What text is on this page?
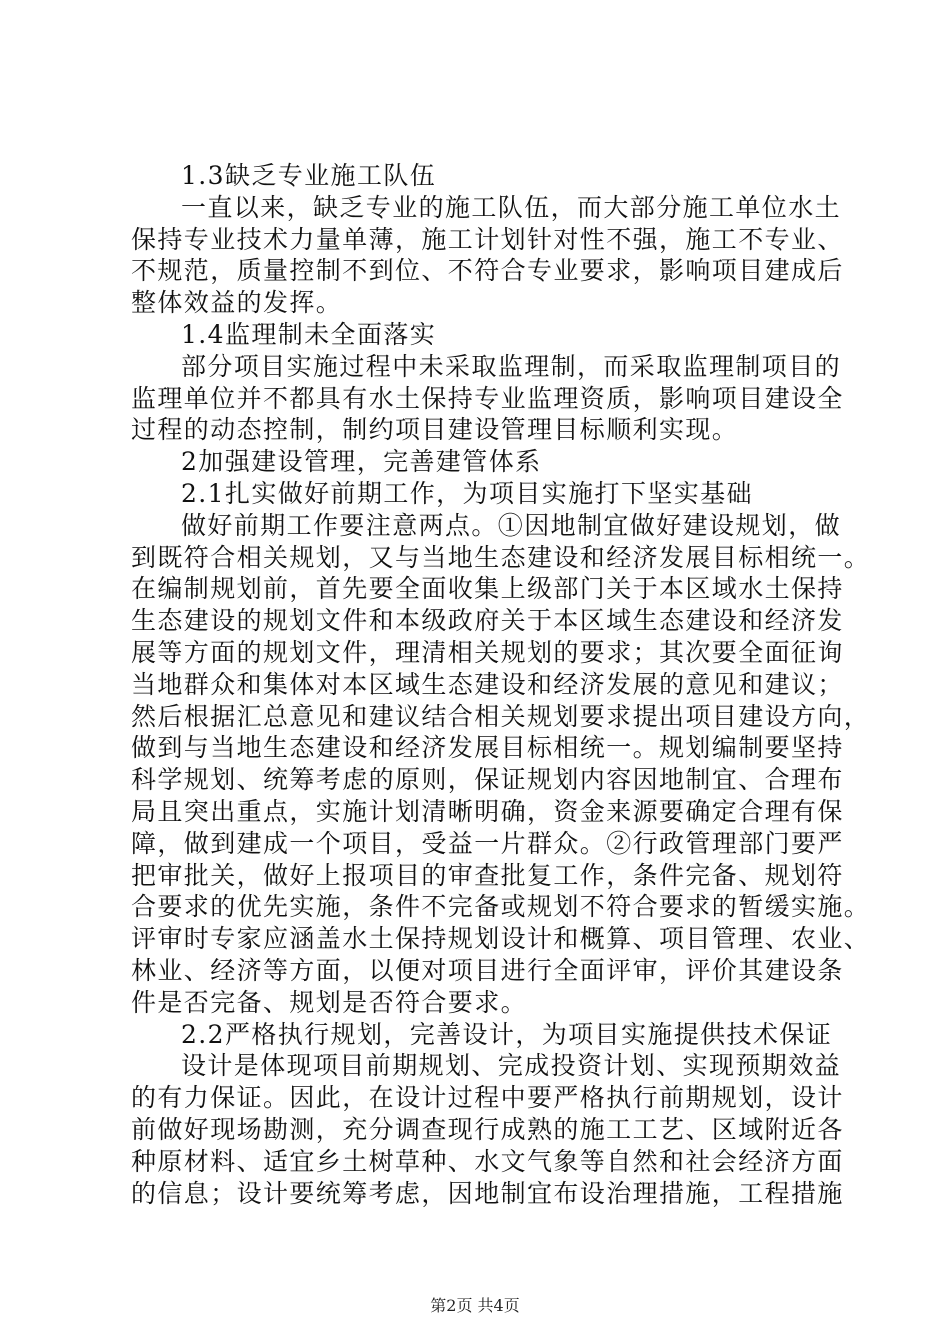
1.3缺乏专业施工队伍
一直以来，缺乏专业的施工队伍，而大部分施工单位水土
保持专业技术力量单薄，施工计划针对性不强，施工不专业、
不规范，质量控制不到位、不符合专业要求，影响项目建成后
整体效益的发挥。
1.4监理制未全面落实
部分项目实施过程中未采取监理制，而采取监理制项目的
监理单位并不都具有水土保持专业监理资质，影响项目建设全
过程的动态控制，制约项目建设管理目标顺利实现。
2加强建设管理，完善建管体系
2.1扎实做好前期工作，为项目实施打下坚实基础
做好前期工作要注意两点。①因地制宜做好建设规划，做
到既符合相关规划，又与当地生态建设和经济发展目标相统一。
在编制规划前，首先要全面收集上级部门关于本区域水土保持
生态建设的规划文件和本级政府关于本区域生态建设和经济发
展等方面的规划文件，理清相关规划的要求；其次要全面征询
当地群众和集体对本区域生态建设和经济发展的意见和建议；
然后根据汇总意见和建议结合相关规划要求提出项目建设方向，
做到与当地生态建设和经济发展目标相统一。规划编制要坚持
科学规划、统筹考虑的原则，保证规划内容因地制宜、合理布
局且突出重点，实施计划清晰明确，资金来源要确定合理有保
障，做到建成一个项目，受益一片群众。②行政管理部门要严
把审批关，做好上报项目的审查批复工作，条件完备、规划符
合要求的优先实施，条件不完备或规划不符合要求的暂缓实施。
评审时专家应涵盖水土保持规划设计和概算、项目管理、农业、
林业、经济等方面，以便对项目进行全面评审，评价其建设条
件是否完备、规划是否符合要求。
2.2严格执行规划，完善设计，为项目实施提供技术保证
设计是体现项目前期规划、完成投资计划、实现预期效益
的有力保证。因此，在设计过程中要严格执行前期规划，设计
前做好现场勘测，充分调查现行成熟的施工工艺、区域附近各
种原材料、适宜乡土树草种、水文气象等自然和社会经济方面
的信息；设计要统筹考虑，因地制宜布设治理措施，工程措施
第2页 共4页
